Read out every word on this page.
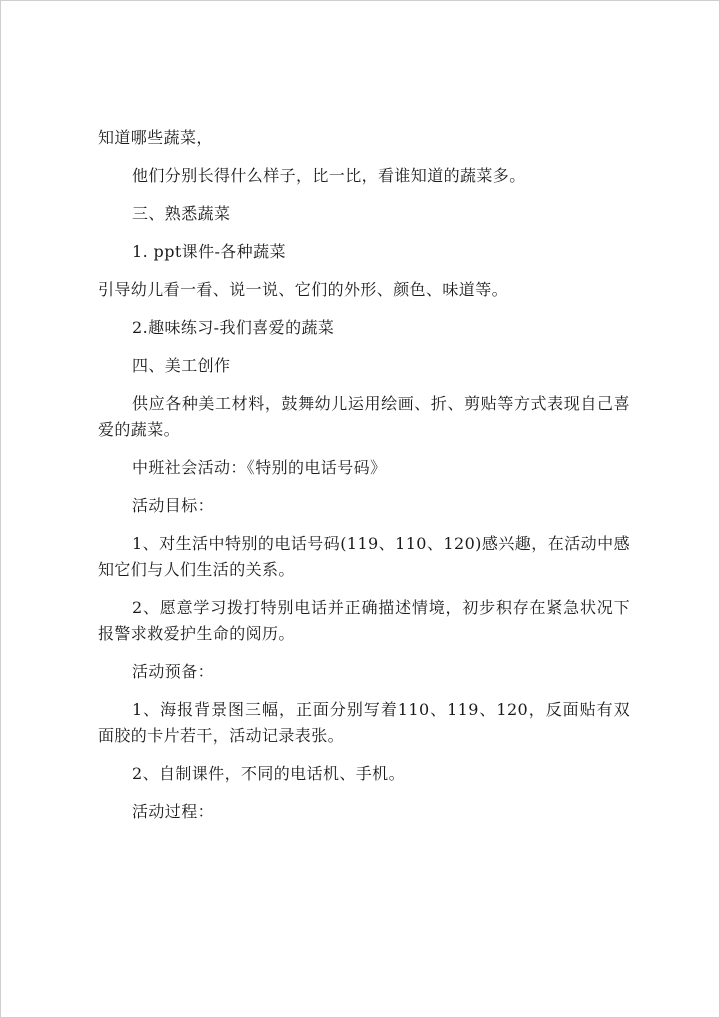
知道哪些蔬菜，

他们分别长得什么样子，比一比，看谁知道的蔬菜多。

三、熟悉蔬菜

1. ppt课件-各种蔬菜

引导幼儿看一看、说一说、它们的外形、颜色、味道等。

2.趣味练习-我们喜爱的蔬菜

四、美工创作

供应各种美工材料，鼓舞幼儿运用绘画、折、剪贴等方式表现自己喜爱的蔬菜。

中班社会活动：《特别的电话号码》

活动目标：

1、对生活中特别的电话号码(119、110、120)感兴趣，在活动中感知它们与人们生活的关系。

2、愿意学习拨打特别电话并正确描述情境，初步积存在紧急状况下报警求救爱护生命的阅历。

活动预备：

1、海报背景图三幅，正面分别写着110、119、120，反面贴有双面胶的卡片若干，活动记录表张。

2、自制课件，不同的电话机、手机。

活动过程：
